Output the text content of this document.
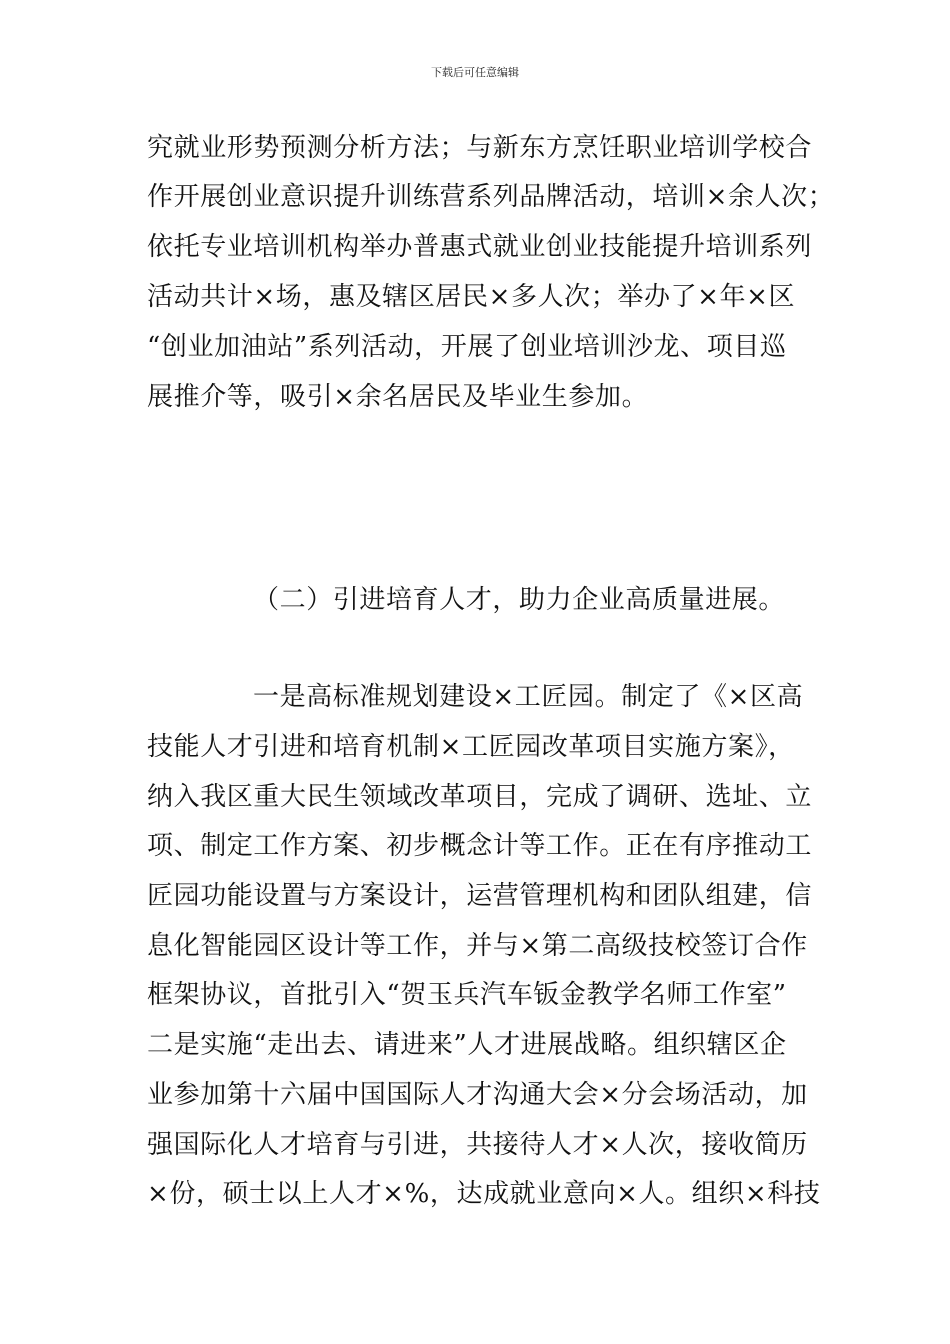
下载后可任意编辑
究就业形势预测分析方法；与新东方烹饪职业培训学校合
作开展创业意识提升训练营系列品牌活动，培训×余人次；
依托专业培训机构举办普惠式就业创业技能提升培训系列
活动共计×场，惠及辖区居民×多人次；举办了×年×区
“创业加油站”系列活动，开展了创业培训沙龙、项目巡
展推介等，吸引×余名居民及毕业生参加。
（二）引进培育人才，助力企业高质量进展。
一是高标准规划建设×工匠园。制定了《×区高
技能人才引进和培育机制×工匠园改革项目实施方案》，
纳入我区重大民生领域改革项目，完成了调研、选址、立
项、制定工作方案、初步概念计等工作。正在有序推动工
匠园功能设置与方案设计，运营管理机构和团队组建，信
息化智能园区设计等工作，并与×第二高级技校签订合作
框架协议，首批引入“贺玉兵汽车钣金教学名师工作室”
二是实施“走出去、请进来”人才进展战略。组织辖区企
业参加第十六届中国国际人才沟通大会×分会场活动，加
强国际化人才培育与引进，共接待人才×人次，接收简历
×份，硕士以上人才×%，达成就业意向×人。组织×科技
